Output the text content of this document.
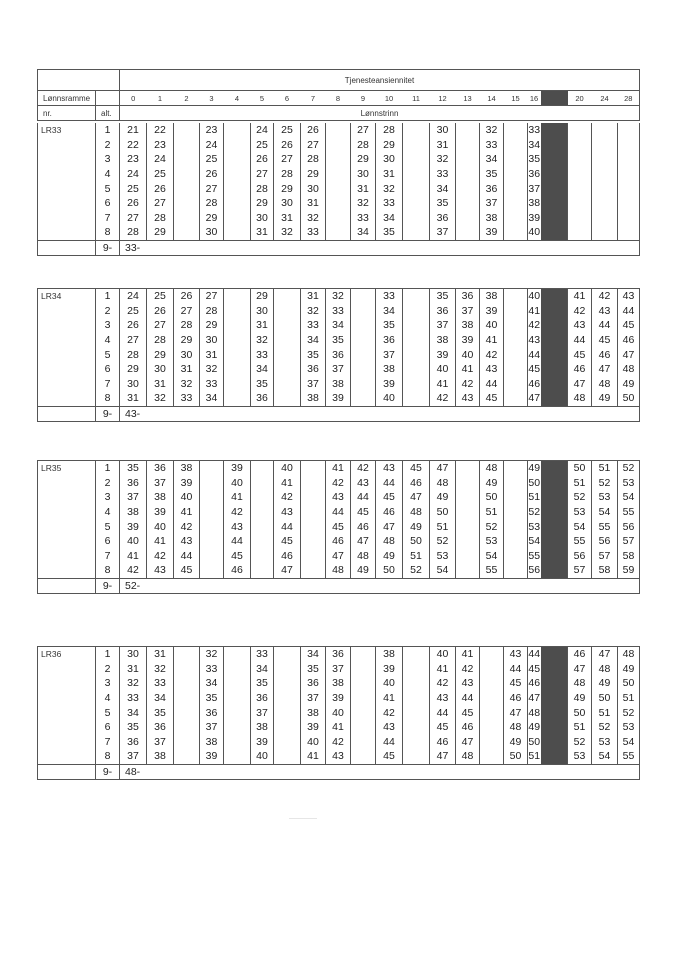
		Tjenesteansiennitet																				
Lønnsramme		0	1	2	3	4	5	6	7	8	9	10	11	12	13	14	15	16		20	24	28
nr.	alt.	Lønnstrinn																				
LR33	1	21	22		23		24	25	26		27	28		30		32		33				
	2	22	23		24		25	26	27		28	29		31		33		34				
	3	23	24		25		26	27	28		29	30		32		34		35				
	4	24	25		26		27	28	29		30	31		33		35		36				
	5	25	26		27		28	29	30		31	32		34		36		37				
	6	26	27		28		29	30	31		32	33		35		37		38				
	7	27	28		29		30	31	32		33	34		36		38		39				
	8	28	29		30		31	32	33		34	35		37		39		40				
	9-	33-																				
LR34	1	24	25	26	27		29		31	32		33		35	36	38		40		41	42	43
	2	25	26	27	28		30		32	33		34		36	37	39		41		42	43	44
	3	26	27	28	29		31		33	34		35		37	38	40		42		43	44	45
	4	27	28	29	30		32		34	35		36		38	39	41		43		44	45	46
	5	28	29	30	31		33		35	36		37		39	40	42		44		45	46	47
	6	29	30	31	32		34		36	37		38		40	41	43		45		46	47	48
	7	30	31	32	33		35		37	38		39		41	42	44		46		47	48	49
	8	31	32	33	34		36		38	39		40		42	43	45		47		48	49	50
	9-	43-																				
LR35	1	35	36	38		39		40		41	42	43	45	47		48		49		50	51	52
	2	36	37	39		40		41		42	43	44	46	48		49		50		51	52	53
	3	37	38	40		41		42		43	44	45	47	49		50		51		52	53	54
	4	38	39	41		42		43		44	45	46	48	50		51		52		53	54	55
	5	39	40	42		43		44		45	46	47	49	51		52		53		54	55	56
	6	40	41	43		44		45		46	47	48	50	52		53		54		55	56	57
	7	41	42	44		45		46		47	48	49	51	53		54		55		56	57	58
	8	42	43	45		46		47		48	49	50	52	54		55		56		57	58	59
	9-	52-																				
LR36	1	30	31		32		33		34	36		38		40	41		43	44		46	47	48
	2	31	32		33		34		35	37		39		41	42		44	45		47	48	49
	3	32	33		34		35		36	38		40		42	43		45	46		48	49	50
	4	33	34		35		36		37	39		41		43	44		46	47		49	50	51
	5	34	35		36		37		38	40		42		44	45		47	48		50	51	52
	6	35	36		37		38		39	41		43		45	46		48	49		51	52	53
	7	36	37		38		39		40	42		44		46	47		49	50		52	53	54
	8	37	38		39		40		41	43		45		47	48		50	51		53	54	55
	9-	48-																				
